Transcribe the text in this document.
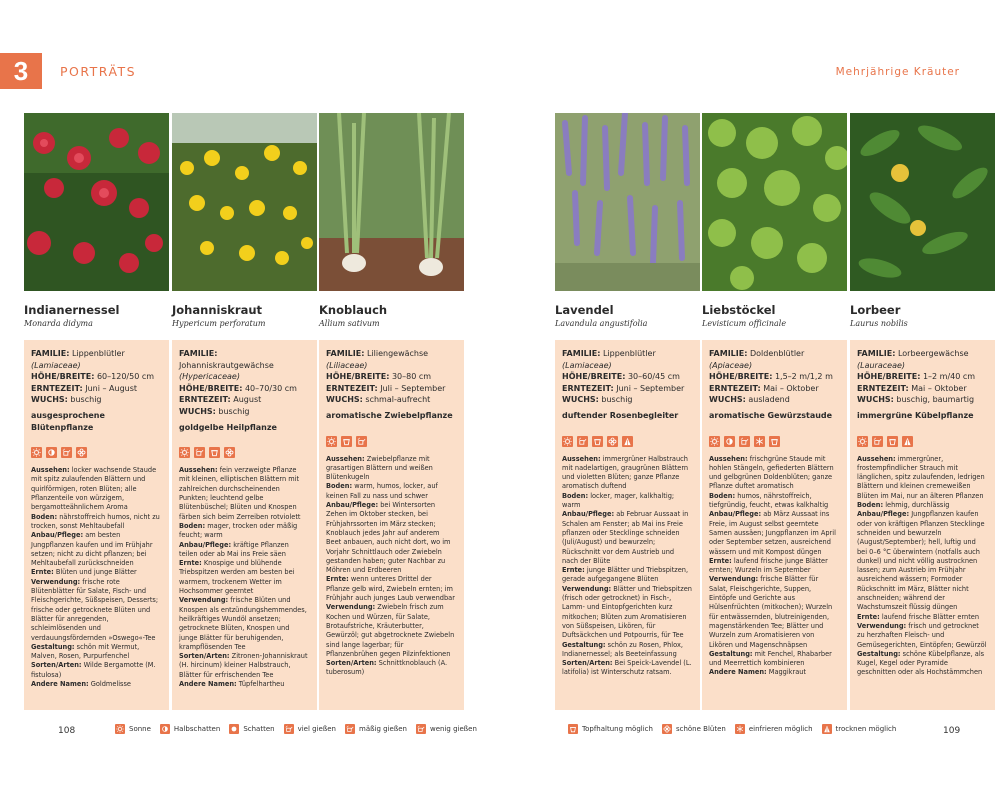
3	PORTRÄTS	Mehrjährige Kräuter
Indianernessel
Monarda didyma
FAMILIE: Lippenblütler (Lamiaceae)
HÖHE/BREITE: 60–120/50 cm
ERNTEZEIT: Juni – August
WUCHS: buschig
ausgesprochene Blütenpflanze
Aussehen: locker wachsende Staude mit spitz zulaufenden Blättern und quirlförmigen, roten Blüten; alle Pflanzenteile von würzigem, bergamotteähnlichem Aroma
Boden: nährstoffreich humos, nicht zu trocken, sonst Mehltaubefall
Anbau/Pflege: am besten Jungpflanzen kaufen und im Frühjahr setzen; nicht zu dicht pflanzen; bei Mehltaubefall zurückschneiden
Ernte: Blüten und junge Blätter
Verwendung: frische rote Blütenblätter für Salate, Fisch- und Fleischgerichte, Süßspeisen, Desserts; frische oder getrocknete Blüten und Blätter für anregenden, schleimlösenden und verdauungsfördernden »Oswego«-Tee
Gestaltung: schön mit Wermut, Malven, Rosen, Purpurfenchel
Sorten/Arten: Wilde Bergamotte (M. fistulosa)
Andere Namen: Goldmelisse

Johanniskraut
Hypericum perforatum
FAMILIE: Johanniskrautgewächse (Hypericaceae)
HÖHE/BREITE: 40–70/30 cm
ERNTEZEIT: August
WUCHS: buschig
goldgelbe Heilpflanze
Aussehen: fein verzweigte Pflanze mit kleinen, elliptischen Blättern mit zahlreichen durchscheinenden Punkten; leuchtend gelbe Blütenbüschel; Blüten und Knospen färben sich beim Zerreiben rotviolett
Boden: mager, trocken oder mäßig feucht; warm
Anbau/Pflege: kräftige Pflanzen teilen oder ab Mai ins Freie säen
Ernte: Knospige und blühende Triebspitzen werden am besten bei warmem, trockenem Wetter im Hochsommer geerntet
Verwendung: frische Blüten und Knospen als entzündungshemmendes, heilkräftiges Wundöl ansetzen; getrocknete Blüten, Knospen und junge Blätter für beruhigenden, krampflösenden Tee
Sorten/Arten: Zitronen-Johanniskraut (H. hircinum) kleiner Halbstrauch, Blätter für erfrischenden Tee
Andere Namen: Tüpfelhartheu

Knoblauch
Allium sativum
FAMILIE: Liliengewächse (Liliaceae)
HÖHE/BREITE: 30–80 cm
ERNTEZEIT: Juli – September
WUCHS: schmal-aufrecht
aromatische Zwiebelpflanze
Aussehen: Zwiebelpflanze mit grasartigen Blättern und weißen Blütenkugeln
Boden: warm, humos, locker, auf keinen Fall zu nass und schwer
Anbau/Pflege: bei Wintersorten Zehen im Oktober stecken, bei Frühjahrssorten im März stecken; Knoblauch jedes Jahr auf anderem Beet anbauen, auch nicht dort, wo im Vorjahr Schnittlauch oder Zwiebeln gestanden haben; guter Nachbar zu Möhren und Erdbeeren
Ernte: wenn unteres Drittel der Pflanze gelb wird, Zwiebeln ernten; im Frühjahr auch junges Laub verwendbar
Verwendung: Zwiebeln frisch zum Kochen und Würzen, für Salate, Brotaufstriche, Kräuterbutter, Gewürzöl; gut abgetrocknete Zwiebeln sind lange lagerbar; für Pflanzenbrühen gegen Pilzinfektionen
Sorten/Arten: Schnittknoblauch (A. tuberosum)

Lavendel
Lavandula angustifolia
FAMILIE: Lippenblütler (Lamiaceae)
HÖHE/BREITE: 30–60/45 cm
ERNTEZEIT: Juni – September
WUCHS: buschig
duftender Rosenbegleiter
Aussehen: immergrüner Halbstrauch mit nadelartigen, graugrünen Blättern und violetten Blüten; ganze Pflanze aromatisch duftend
Boden: locker, mager, kalkhaltig; warm
Anbau/Pflege: ab Februar Aussaat in Schalen am Fenster; ab Mai ins Freie pflanzen oder Stecklinge schneiden (Juli/August) und bewurzeln; Rückschnitt vor dem Austrieb und nach der Blüte
Ernte: junge Blätter und Triebspitzen, gerade aufgegangene Blüten
Verwendung: Blätter und Triebspitzen (frisch oder getrocknet) in Fisch-, Lamm- und Eintopfgerichten kurz mitkochen; Blüten zum Aromatisieren von Süßspeisen, Likören, für Duftsäckchen und Potpourris, für Tee
Gestaltung: schön zu Rosen, Phlox, Indianernessel; als Beeteinfassung
Sorten/Arten: Bei Speick-Lavendel (L. latifolia) ist Winterschutz ratsam.

Liebstöckel
Levisticum officinale
FAMILIE: Doldenblütler (Apiaceae)
HÖHE/BREITE: 1,5–2 m/1,2 m
ERNTEZEIT: Mai – Oktober
WUCHS: ausladend
aromatische Gewürzstaude
Aussehen: frischgrüne Staude mit hohlen Stängeln, gefiederten Blättern und gelbgrünen Doldenblüten; ganze Pflanze duftet aromatisch
Boden: humos, nährstoffreich, tiefgründig, feucht, etwas kalkhaltig
Anbau/Pflege: ab März Aussaat ins Freie, im August selbst geerntete Samen aussäen; Jungpflanzen im April oder September setzen, ausreichend wässern und mit Kompost düngen
Ernte: laufend frische junge Blätter ernten; Wurzeln im September
Verwendung: frische Blätter für Salat, Fleischgerichte, Suppen, Eintöpfe und Gerichte aus Hülsenfrüchten (mitkochen); Wurzeln für entwässernden, blutreinigenden, magenstärkenden Tee; Blätter und Wurzeln zum Aromatisieren von Likören und Magenschnäpsen
Gestaltung: mit Fenchel, Rhabarber und Meerrettich kombinieren
Andere Namen: Maggikraut

Lorbeer
Laurus nobilis
FAMILIE: Lorbeergewächse (Lauraceae)
HÖHE/BREITE: 1–2 m/40 cm
ERNTEZEIT: Mai – Oktober
WUCHS: buschig, baumartig
immergrüne Kübelpflanze
Aussehen: immergrüner, frostempfindlicher Strauch mit länglichen, spitz zulaufenden, ledrigen Blättern und kleinen cremeweißen Blüten im Mai, nur an älteren Pflanzen
Boden: lehmig, durchlässig
Anbau/Pflege: Jungpflanzen kaufen oder von kräftigen Pflanzen Stecklinge schneiden und bewurzeln (August/September); hell, luftig und bei 0–6 °C überwintern (notfalls auch dunkel) und nicht völlig austrocknen lassen; zum Austrieb im Frühjahr ausreichend wässern; Formoder Rückschnitt im März, Blätter nicht anschneiden; während der Wachstumszeit flüssig düngen
Ernte: laufend frische Blätter ernten
Verwendung: frisch und getrocknet zu herzhaften Fleisch- und Gemüsegerichten, Eintöpfen; Gewürzöl
Gestaltung: schöne Kübelpflanze, als Kugel, Kegel oder Pyramide geschnitten oder als Hochstämmchen

108	109
Sonne	Halbschatten	Schatten	viel gießen	mäßig gießen	wenig gießen	Topfhaltung möglich	schöne Blüten	einfrieren möglich	trocknen möglich
